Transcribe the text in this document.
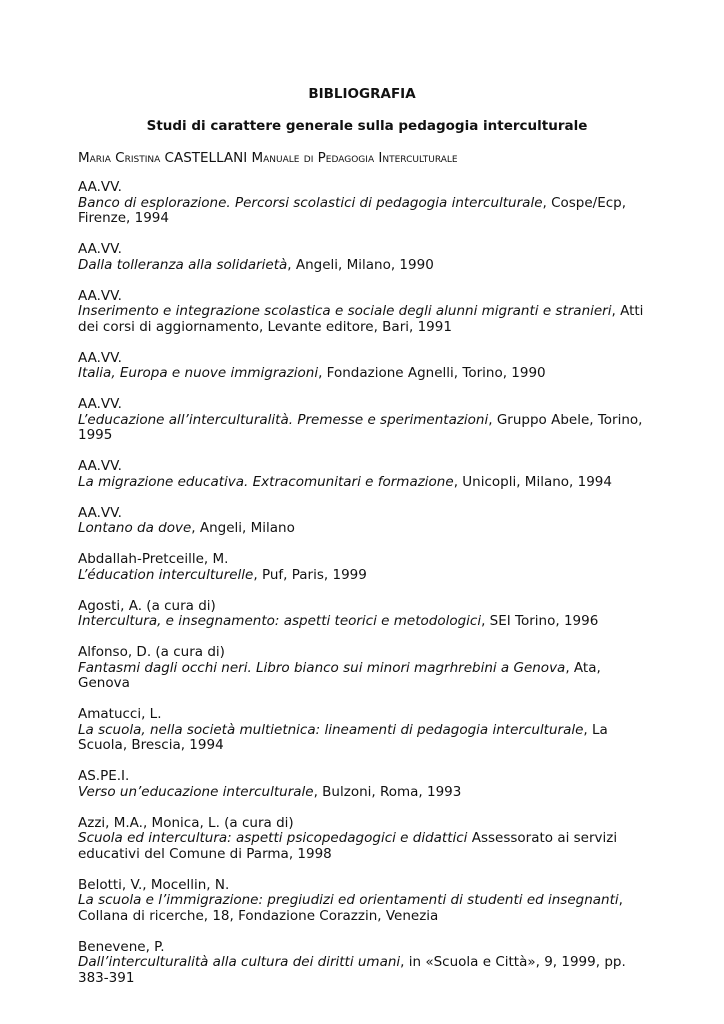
BIBLIOGRAFIA
Studi di carattere generale sulla pedagogia interculturale
Maria Cristina CASTELLANI Manuale di Pedagogia Interculturale
AA.VV.
Banco di esplorazione. Percorsi scolastici di pedagogia interculturale, Cospe/Ecp, Firenze, 1994
AA.VV.
Dalla tolleranza alla solidarietà, Angeli, Milano, 1990
AA.VV.
Inserimento e integrazione scolastica e sociale degli alunni migranti e stranieri, Atti dei corsi di aggiornamento, Levante editore, Bari, 1991
AA.VV.
Italia, Europa e nuove immigrazioni, Fondazione Agnelli, Torino, 1990
AA.VV.
L’educazione all’interculturalità. Premesse e sperimentazioni, Gruppo Abele, Torino, 1995
AA.VV.
La migrazione educativa. Extracomunitari e formazione, Unicopli, Milano, 1994
AA.VV.
Lontano da dove, Angeli, Milano
Abdallah-Pretceille, M.
L’éducation interculturelle, Puf, Paris, 1999
Agosti, A. (a cura di)
Intercultura, e insegnamento: aspetti teorici e metodologici, SEI Torino, 1996
Alfonso, D. (a cura di)
Fantasmi dagli occhi neri. Libro bianco sui minori magrhrebini a Genova, Ata, Genova
Amatucci, L.
La scuola, nella società multietnica: lineamenti di pedagogia interculturale, La Scuola, Brescia, 1994
AS.PE.I.
Verso un’educazione interculturale, Bulzoni, Roma, 1993
Azzi, M.A., Monica, L. (a cura di)
Scuola ed intercultura: aspetti psicopedagogici e didattici Assessorato ai servizi educativi del Comune di Parma, 1998
Belotti, V., Mocellin, N.
La scuola e l’immigrazione: pregiudizi ed orientamenti di studenti ed insegnanti, Collana di ricerche, 18, Fondazione Corazzin, Venezia
Benevene, P.
Dall’interculturalità alla cultura dei diritti umani, in «Scuola e Città», 9, 1999, pp. 383-391
